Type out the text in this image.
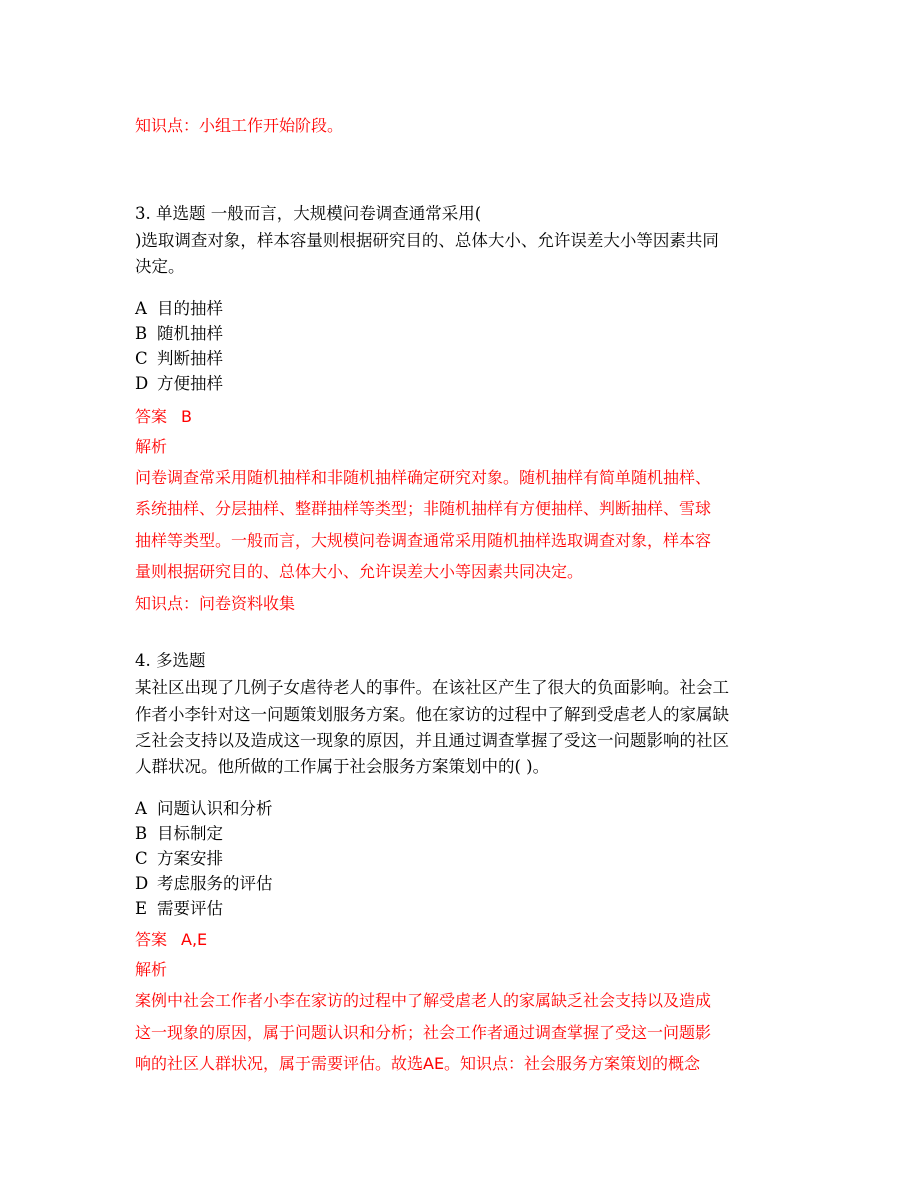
知识点：小组工作开始阶段。
3. 单选题 一般而言，大规模问卷调查通常采用(
)选取调查对象，样本容量则根据研究目的、总体大小、允许误差大小等因素共同
决定。
A 目的抽样
B 随机抽样
C 判断抽样
D 方便抽样
答案 B
解析
问卷调查常采用随机抽样和非随机抽样确定研究对象。随机抽样有简单随机抽样、
系统抽样、分层抽样、整群抽样等类型；非随机抽样有方便抽样、判断抽样、雪球
抽样等类型。一般而言，大规模问卷调查通常采用随机抽样选取调查对象，样本容
量则根据研究目的、总体大小、允许误差大小等因素共同决定。
知识点：问卷资料收集
4. 多选题
某社区出现了几例子女虐待老人的事件。在该社区产生了很大的负面影响。社会工
作者小李针对这一问题策划服务方案。他在家访的过程中了解到受虐老人的家属缺
乏社会支持以及造成这一现象的原因，并且通过调查掌握了受这一问题影响的社区
人群状况。他所做的工作属于社会服务方案策划中的( )。
A 问题认识和分析
B 目标制定
C 方案安排
D 考虑服务的评估
E 需要评估
答案 A,E
解析
案例中社会工作者小李在家访的过程中了解受虐老人的家属缺乏社会支持以及造成
这一现象的原因，属于问题认识和分析；社会工作者通过调查掌握了受这一问题影
响的社区人群状况，属于需要评估。故选AE。知识点：社会服务方案策划的概念
